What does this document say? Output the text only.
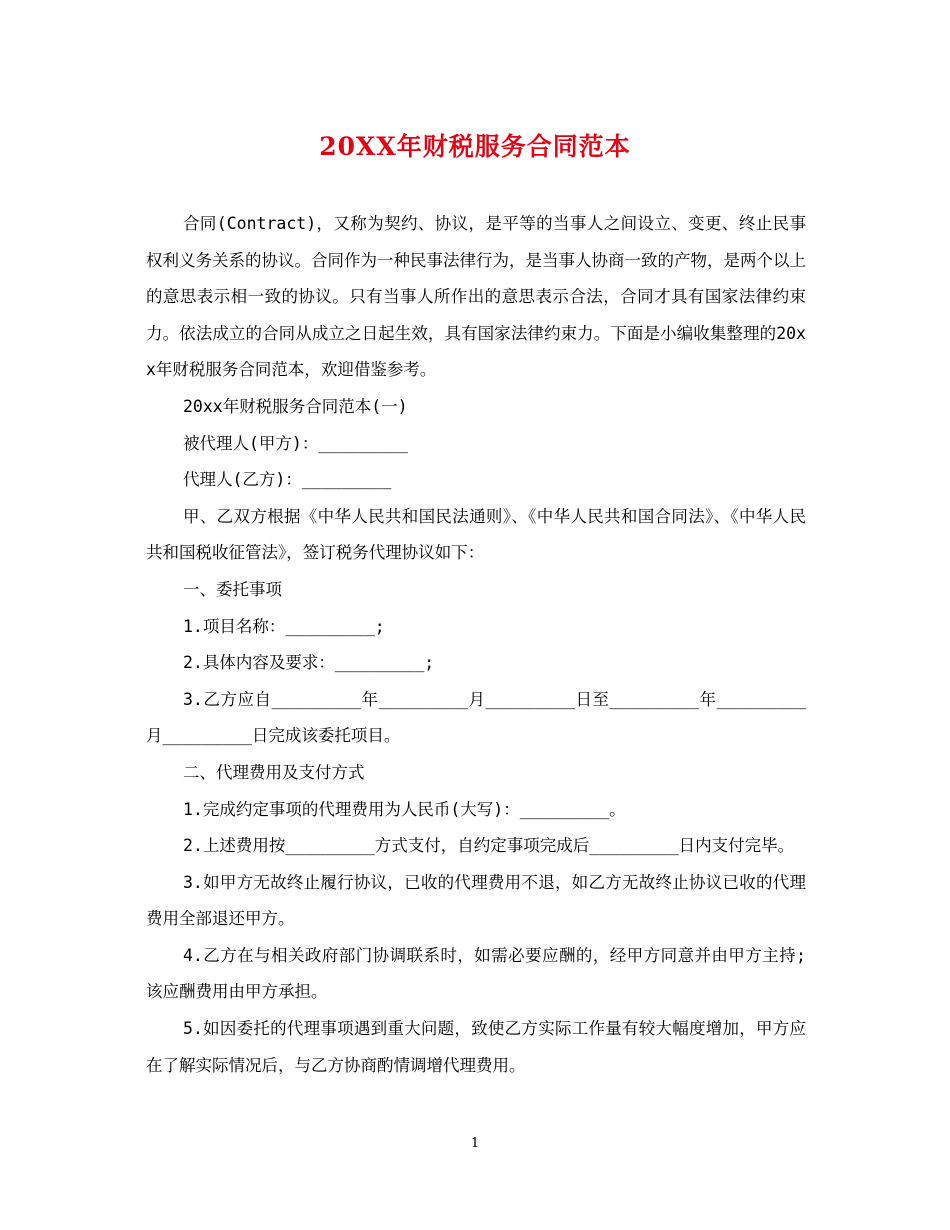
20XX年财税服务合同范本

合同(Contract)，又称为契约、协议，是平等的当事人之间设立、变更、终止民事权利义务关系的协议。合同作为一种民事法律行为，是当事人协商一致的产物，是两个以上的意思表示相一致的协议。只有当事人所作出的意思表示合法，合同才具有国家法律约束力。依法成立的合同从成立之日起生效，具有国家法律约束力。下面是小编收集整理的20xx年财税服务合同范本，欢迎借鉴参考。

20xx年财税服务合同范本(一)

被代理人(甲方)：_________

代理人(乙方)：_________

甲、乙双方根据《中华人民共和国民法通则》、《中华人民共和国合同法》、《中华人民共和国税收征管法》，签订税务代理协议如下：

一、委托事项

1.项目名称：_________;

2.具体内容及要求：_________;

3.乙方应自_________年_________月_________日至_________年_________月_________日完成该委托项目。

二、代理费用及支付方式

1.完成约定事项的代理费用为人民币(大写)：_________。

2.上述费用按_________方式支付，自约定事项完成后_________日内支付完毕。

3.如甲方无故终止履行协议，已收的代理费用不退，如乙方无故终止协议已收的代理费用全部退还甲方。

4.乙方在与相关政府部门协调联系时，如需必要应酬的，经甲方同意并由甲方主持;该应酬费用由甲方承担。

5.如因委托的代理事项遇到重大问题，致使乙方实际工作量有较大幅度增加，甲方应在了解实际情况后，与乙方协商酌情调增代理费用。

1
